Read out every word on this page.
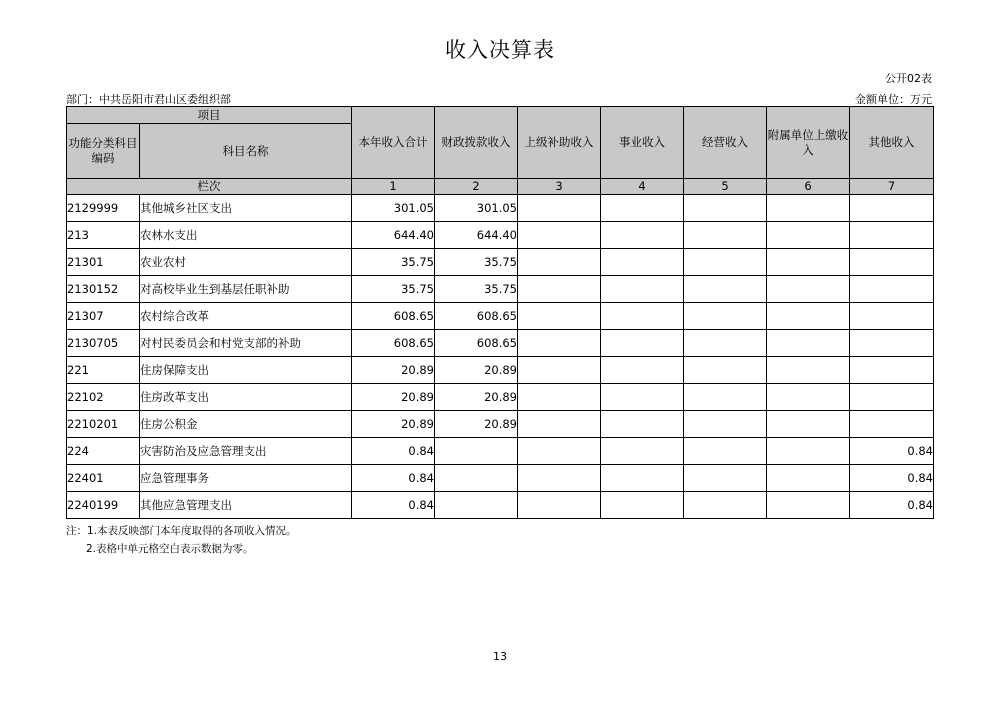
收入决算表
公开02表
部门：中共岳阳市君山区委组织部	金额单位：万元
项目		本年收入合计	财政拨款收入	上级补助收入	事业收入	经营收入	附属单位上缴收入	其他收入
功能分类科目编码	科目名称							
栏次		1	2	3	4	5	6	7
2129999	其他城乡社区支出	301.05	301.05					
213	农林水支出	644.40	644.40					
21301	农业农村	35.75	35.75					
2130152	对高校毕业生到基层任职补助	35.75	35.75					
21307	农村综合改革	608.65	608.65					
2130705	对村民委员会和村党支部的补助	608.65	608.65					
221	住房保障支出	20.89	20.89					
22102	住房改革支出	20.89	20.89					
2210201	住房公积金	20.89	20.89					
224	灾害防治及应急管理支出	0.84						0.84
22401	应急管理事务	0.84						0.84
2240199	其他应急管理支出	0.84						0.84
注：1.本表反映部门本年度取得的各项收入情况。
2.表格中单元格空白表示数据为零。
13
